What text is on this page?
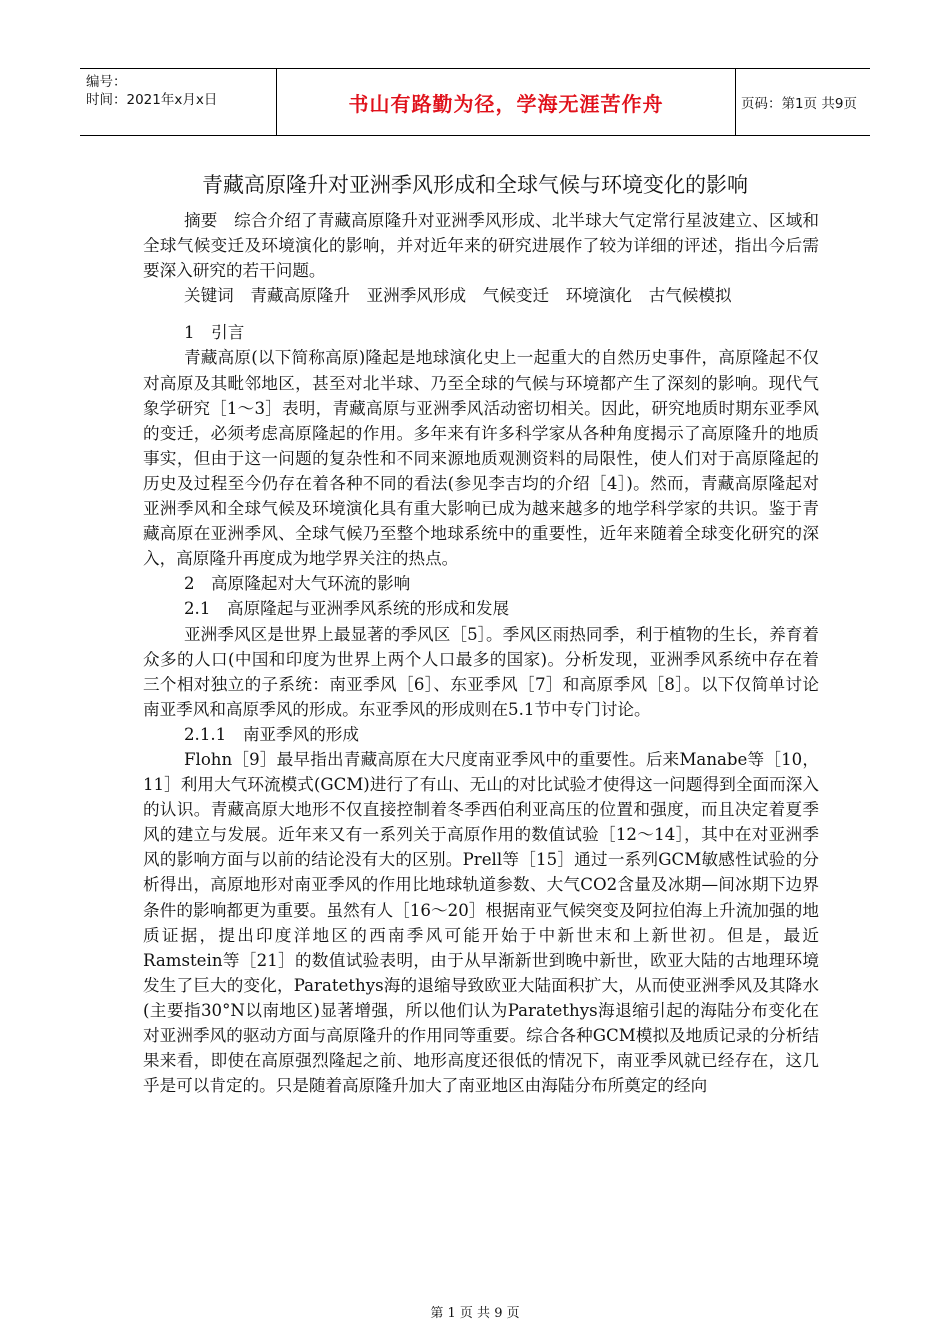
编号：
时间：2021年x月x日	书山有路勤为径，学海无涯苦作舟	页码：第1页 共9页
青藏高原隆升对亚洲季风形成和全球气候与环境变化的影响

摘要　综合介绍了青藏高原隆升对亚洲季风形成、北半球大气定常行星波建立、区域和全球气候变迁及环境演化的影响，并对近年来的研究进展作了较为详细的评述，指出今后需要深入研究的若干问题。

关键词　青藏高原隆升　亚洲季风形成　气候变迁　环境演化　古气候模拟

1　引言

青藏高原(以下简称高原)隆起是地球演化史上一起重大的自然历史事件，高原隆起不仅对高原及其毗邻地区，甚至对北半球、乃至全球的气候与环境都产生了深刻的影响。现代气象学研究［1～3］表明，青藏高原与亚洲季风活动密切相关。因此，研究地质时期东亚季风的变迁，必须考虑高原隆起的作用。多年来有许多科学家从各种角度揭示了高原隆升的地质事实，但由于这一问题的复杂性和不同来源地质观测资料的局限性，使人们对于高原隆起的历史及过程至今仍存在着各种不同的看法(参见李吉均的介绍［4］)。然而，青藏高原隆起对亚洲季风和全球气候及环境演化具有重大影响已成为越来越多的地学科学家的共识。鉴于青藏高原在亚洲季风、全球气候乃至整个地球系统中的重要性，近年来随着全球变化研究的深入，高原隆升再度成为地学界关注的热点。

2　高原隆起对大气环流的影响

2.1　高原隆起与亚洲季风系统的形成和发展

亚洲季风区是世界上最显著的季风区［5］。季风区雨热同季，利于植物的生长，养育着众多的人口(中国和印度为世界上两个人口最多的国家)。分析发现，亚洲季风系统中存在着三个相对独立的子系统：南亚季风［6］、东亚季风［7］和高原季风［8］。以下仅简单讨论南亚季风和高原季风的形成。东亚季风的形成则在5.1节中专门讨论。

2.1.1　南亚季风的形成

Flohn［9］最早指出青藏高原在大尺度南亚季风中的重要性。后来Manabe等［10，11］利用大气环流模式(GCM)进行了有山、无山的对比试验才使得这一问题得到全面而深入的认识。青藏高原大地形不仅直接控制着冬季西伯利亚高压的位置和强度，而且决定着夏季风的建立与发展。近年来又有一系列关于高原作用的数值试验［12～14］，其中在对亚洲季风的影响方面与以前的结论没有大的区别。Prell等［15］通过一系列GCM敏感性试验的分析得出，高原地形对南亚季风的作用比地球轨道参数、大气CO2含量及冰期—间冰期下边界条件的影响都更为重要。虽然有人［16～20］根据南亚气候突变及阿拉伯海上升流加强的地质证据，提出印度洋地区的西南季风可能开始于中新世末和上新世初。但是，最近Ramstein等［21］的数值试验表明，由于从早渐新世到晚中新世，欧亚大陆的古地理环境发生了巨大的变化，Paratethys海的退缩导致欧亚大陆面积扩大，从而使亚洲季风及其降水(主要指30°N以南地区)显著增强，所以他们认为Paratethys海退缩引起的海陆分布变化在对亚洲季风的驱动方面与高原隆升的作用同等重要。综合各种GCM模拟及地质记录的分析结果来看，即使在高原强烈隆起之前、地形高度还很低的情况下，南亚季风就已经存在，这几乎是可以肯定的。只是随着高原隆升加大了南亚地区由海陆分布所奠定的经向

第 1 页 共 9 页
